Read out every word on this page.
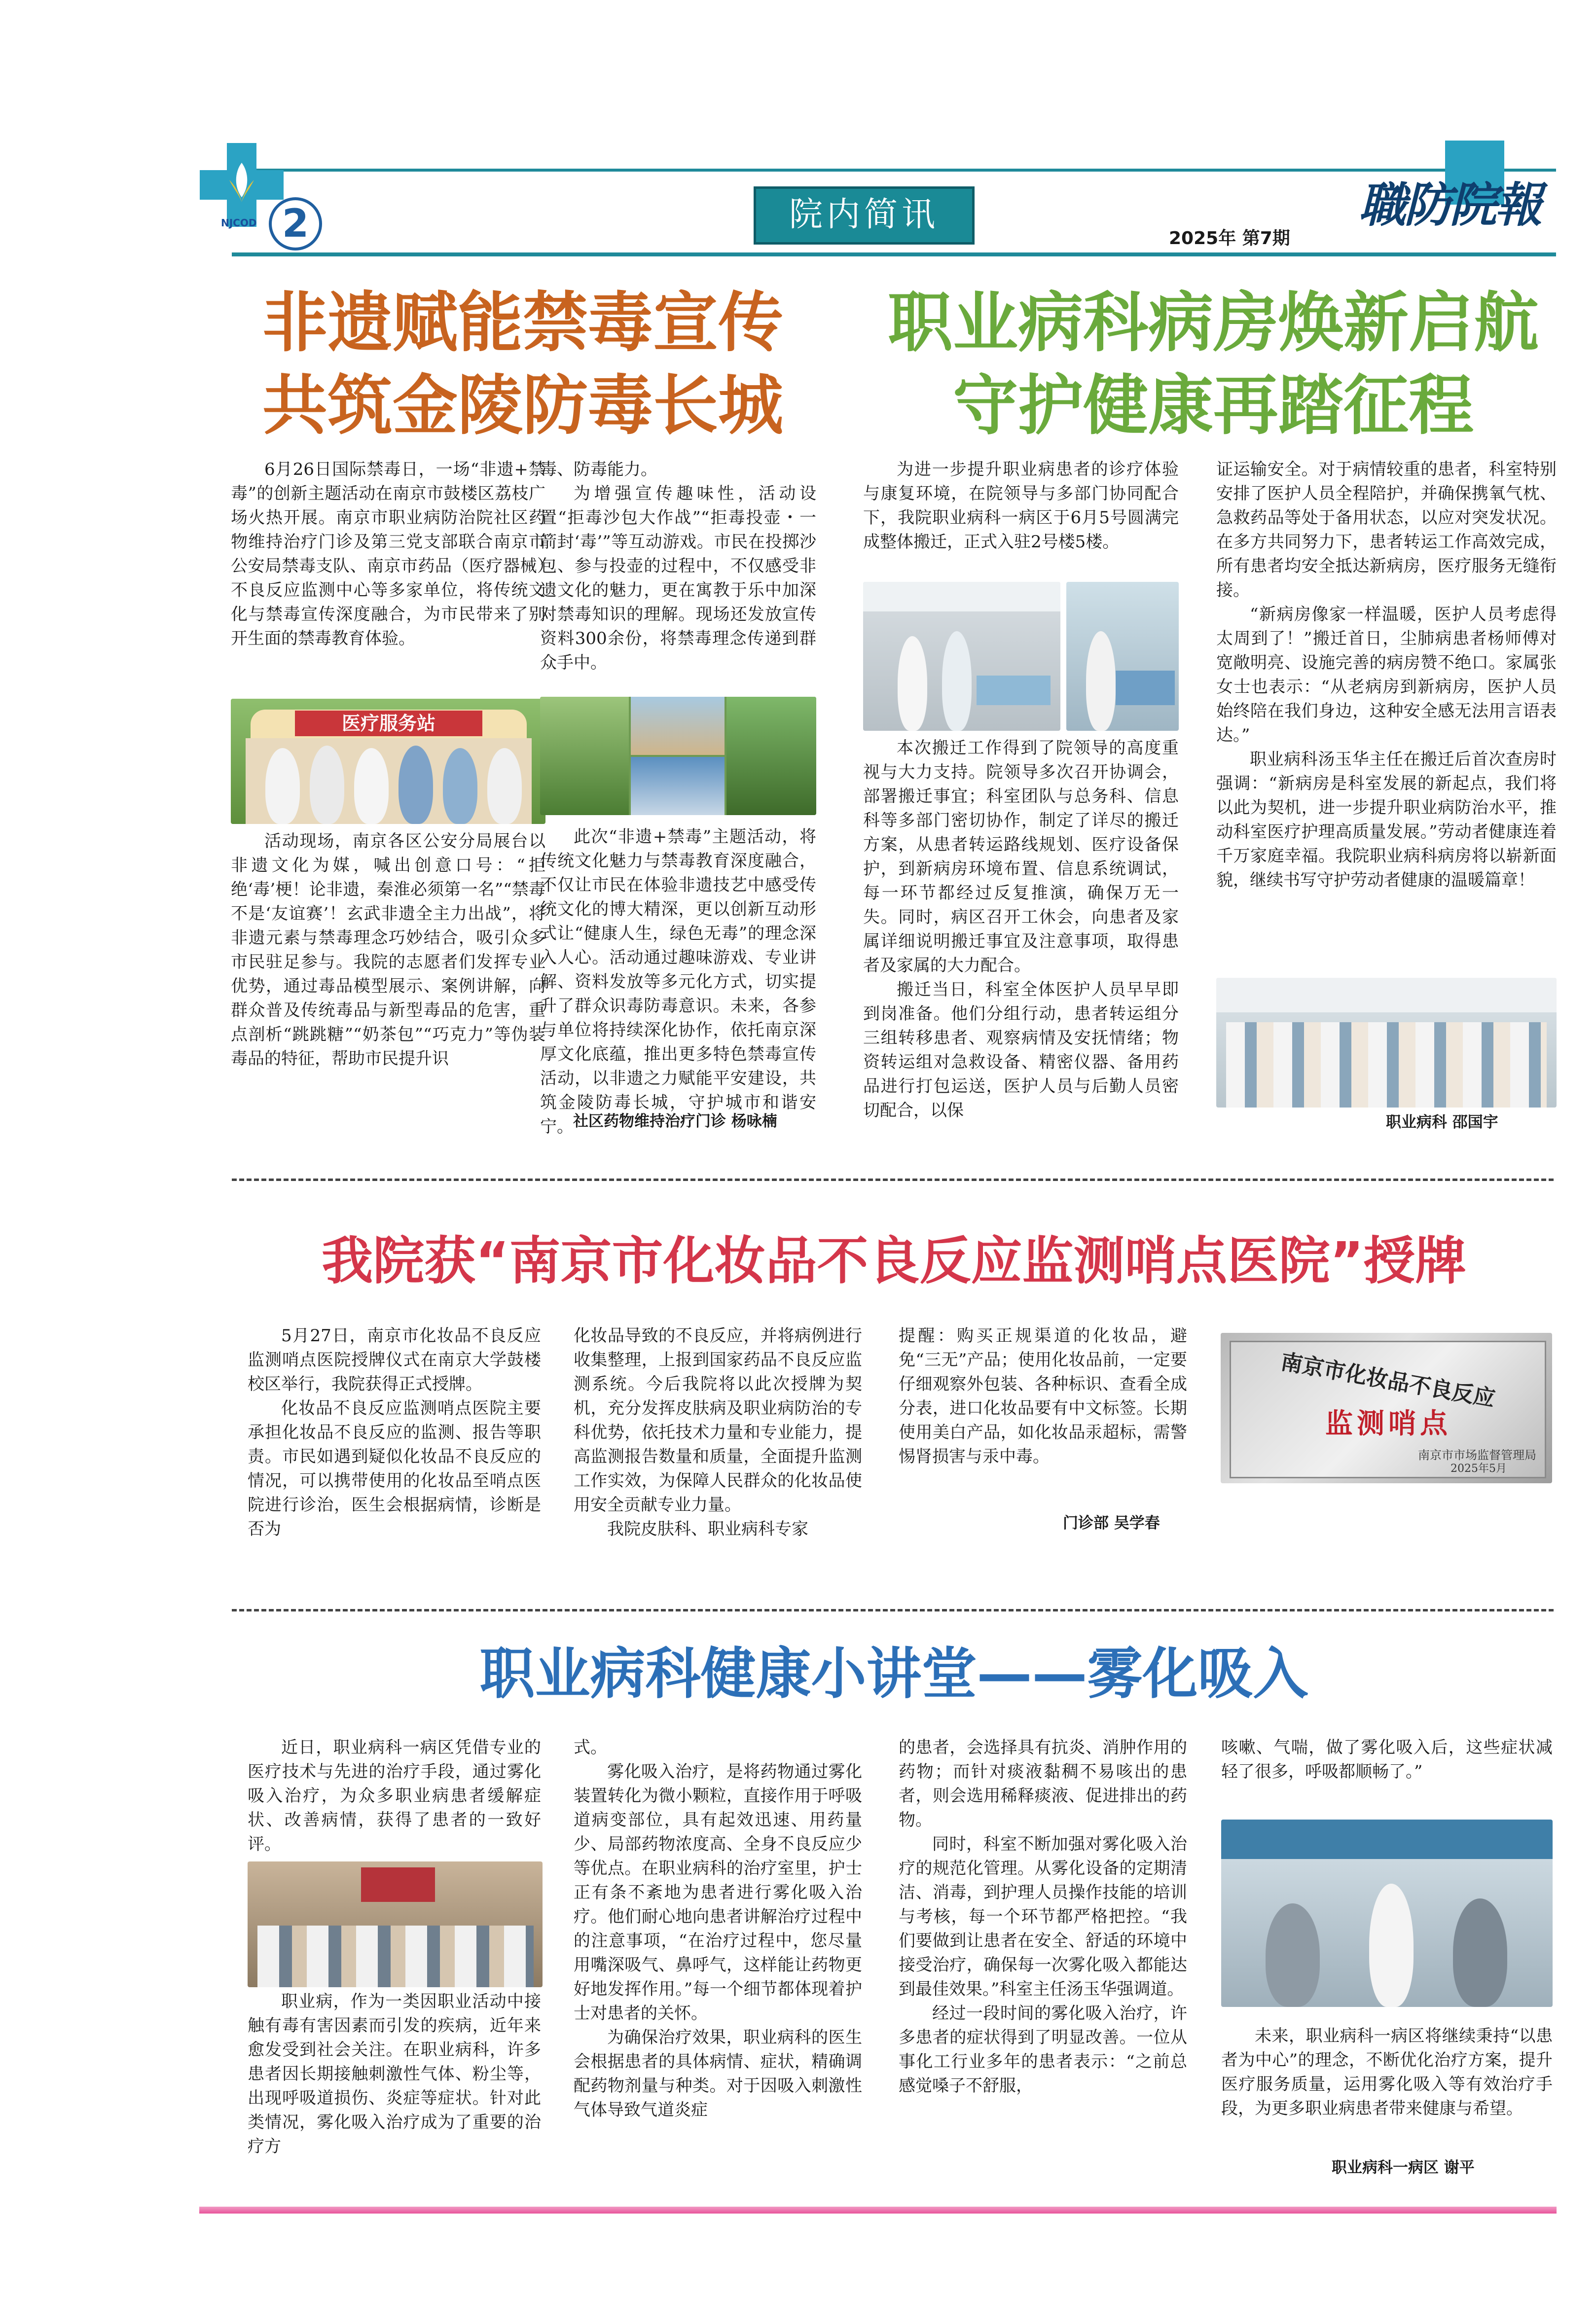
NJCOD 2	院内简讯	職防院報
2025年 第7期
非遗赋能禁毒宣传
共筑金陵防毒长城

6月26日国际禁毒日，一场“非遗+禁毒”的创新主题活动在南京市鼓楼区荔枝广场火热开展。南京市职业病防治院社区药物维持治疗门诊及第三党支部联合南京市公安局禁毒支队、南京市药品（医疗器械）不良反应监测中心等多家单位，将传统文化与禁毒宣传深度融合，为市民带来了别开生面的禁毒教育体验。

医疗服务站

活动现场，南京各区公安分局展台以非遗文化为媒，喊出创意口号：“拒绝‘毒’梗！论非遗，秦淮必须第一名”“禁毒不是‘友谊赛’！玄武非遗全主力出战”，将非遗元素与禁毒理念巧妙结合，吸引众多市民驻足参与。我院的志愿者们发挥专业优势，通过毒品模型展示、案例讲解，向群众普及传统毒品与新型毒品的危害，重点剖析“跳跳糖”“奶茶包”“巧克力”等伪装毒品的特征，帮助市民提升识

毒、防毒能力。

为增强宣传趣味性，活动设置“拒毒沙包大作战”“拒毒投壶・一箭封‘毒’”等互动游戏。市民在投掷沙包、参与投壶的过程中，不仅感受非遗文化的魅力，更在寓教于乐中加深对禁毒知识的理解。现场还发放宣传资料300余份，将禁毒理念传递到群众手中。

此次“非遗+禁毒”主题活动，将传统文化魅力与禁毒教育深度融合，不仅让市民在体验非遗技艺中感受传统文化的博大精深，更以创新互动形式让“健康人生，绿色无毒”的理念深入人心。活动通过趣味游戏、专业讲解、资料发放等多元化方式，切实提升了群众识毒防毒意识。未来，各参与单位将持续深化协作，依托南京深厚文化底蕴，推出更多特色禁毒宣传活动，以非遗之力赋能平安建设，共筑金陵防毒长城，守护城市和谐安宁。 社区药物维持治疗门诊 杨咏楠
职业病科病房焕新启航
守护健康再踏征程

为进一步提升职业病患者的诊疗体验与康复环境，在院领导与多部门协同配合下，我院职业病科一病区于6月5号圆满完成整体搬迁，正式入驻2号楼5楼。

本次搬迁工作得到了院领导的高度重视与大力支持。院领导多次召开协调会，部署搬迁事宜；科室团队与总务科、信息科等多部门密切协作，制定了详尽的搬迁方案，从患者转运路线规划、医疗设备保护，到新病房环境布置、信息系统调试，每一环节都经过反复推演，确保万无一失。同时，病区召开工休会，向患者及家属详细说明搬迁事宜及注意事项，取得患者及家属的大力配合。

搬迁当日，科室全体医护人员早早即到岗准备。他们分组行动，患者转运组分三组转移患者、观察病情及安抚情绪；物资转运组对急救设备、精密仪器、备用药品进行打包运送，医护人员与后勤人员密切配合，以保

证运输安全。对于病情较重的患者，科室特别安排了医护人员全程陪护，并确保携氧气枕、急救药品等处于备用状态，以应对突发状况。在多方共同努力下，患者转运工作高效完成，所有患者均安全抵达新病房，医疗服务无缝衔接。

“新病房像家一样温暖，医护人员考虑得太周到了！”搬迁首日，尘肺病患者杨师傅对宽敞明亮、设施完善的病房赞不绝口。家属张女士也表示：“从老病房到新病房，医护人员始终陪在我们身边，这种安全感无法用言语表达。”

职业病科汤玉华主任在搬迁后首次查房时强调：“新病房是科室发展的新起点，我们将以此为契机，进一步提升职业病防治水平，推动科室医疗护理高质量发展。”劳动者健康连着千万家庭幸福。我院职业病科病房将以崭新面貌，继续书写守护劳动者健康的温暖篇章！

职业病科 邵国宇
我院获“南京市化妆品不良反应监测哨点医院”授牌

5月27日，南京市化妆品不良反应监测哨点医院授牌仪式在南京大学鼓楼校区举行，我院获得正式授牌。

化妆品不良反应监测哨点医院主要承担化妆品不良反应的监测、报告等职责。市民如遇到疑似化妆品不良反应的情况，可以携带使用的化妆品至哨点医院进行诊治，医生会根据病情，诊断是否为

化妆品导致的不良反应，并将病例进行收集整理，上报到国家药品不良反应监测系统。今后我院将以此次授牌为契机，充分发挥皮肤病及职业病防治的专科优势，依托技术力量和专业能力，提高监测报告数量和质量，全面提升监测工作实效，为保障人民群众的化妆品使用安全贡献专业力量。

我院皮肤科、职业病科专家

提醒：购买正规渠道的化妆品，避免“三无”产品；使用化妆品前，一定要仔细观察外包装、各种标识、查看全成分表，进口化妆品要有中文标签。长期使用美白产品，如化妆品汞超标，需警惕肾损害与汞中毒。

门诊部 吴学春
南京市化妆品不良反应
监测哨点
南京市市场监督管理局
2025年5月
职业病科健康小讲堂——雾化吸入

近日，职业病科一病区凭借专业的医疗技术与先进的治疗手段，通过雾化吸入治疗，为众多职业病患者缓解症状、改善病情，获得了患者的一致好评。

职业病，作为一类因职业活动中接触有毒有害因素而引发的疾病，近年来愈发受到社会关注。在职业病科，许多患者因长期接触刺激性气体、粉尘等，出现呼吸道损伤、炎症等症状。针对此类情况，雾化吸入治疗成为了重要的治疗方

式。

雾化吸入治疗，是将药物通过雾化装置转化为微小颗粒，直接作用于呼吸道病变部位，具有起效迅速、用药量少、局部药物浓度高、全身不良反应少等优点。在职业病科的治疗室里，护士正有条不紊地为患者进行雾化吸入治疗。他们耐心地向患者讲解治疗过程中的注意事项，“在治疗过程中，您尽量用嘴深吸气、鼻呼气，这样能让药物更好地发挥作用。”每一个细节都体现着护士对患者的关怀。

为确保治疗效果，职业病科的医生会根据患者的具体病情、症状，精确调配药物剂量与种类。对于因吸入刺激性气体导致气道炎症

的患者，会选择具有抗炎、消肿作用的药物；而针对痰液黏稠不易咳出的患者，则会选用稀释痰液、促进排出的药物。

同时，科室不断加强对雾化吸入治疗的规范化管理。从雾化设备的定期清洁、消毒，到护理人员操作技能的培训与考核，每一个环节都严格把控。“我们要做到让患者在安全、舒适的环境中接受治疗，确保每一次雾化吸入都能达到最佳效果。”科室主任汤玉华强调道。

经过一段时间的雾化吸入治疗，许多患者的症状得到了明显改善。一位从事化工行业多年的患者表示：“之前总感觉嗓子不舒服，

咳嗽、气喘，做了雾化吸入后，这些症状减轻了很多，呼吸都顺畅了。”

未来，职业病科一病区将继续秉持“以患者为中心”的理念，不断优化治疗方案，提升医疗服务质量，运用雾化吸入等有效治疗手段，为更多职业病患者带来健康与希望。

职业病科一病区 谢平
